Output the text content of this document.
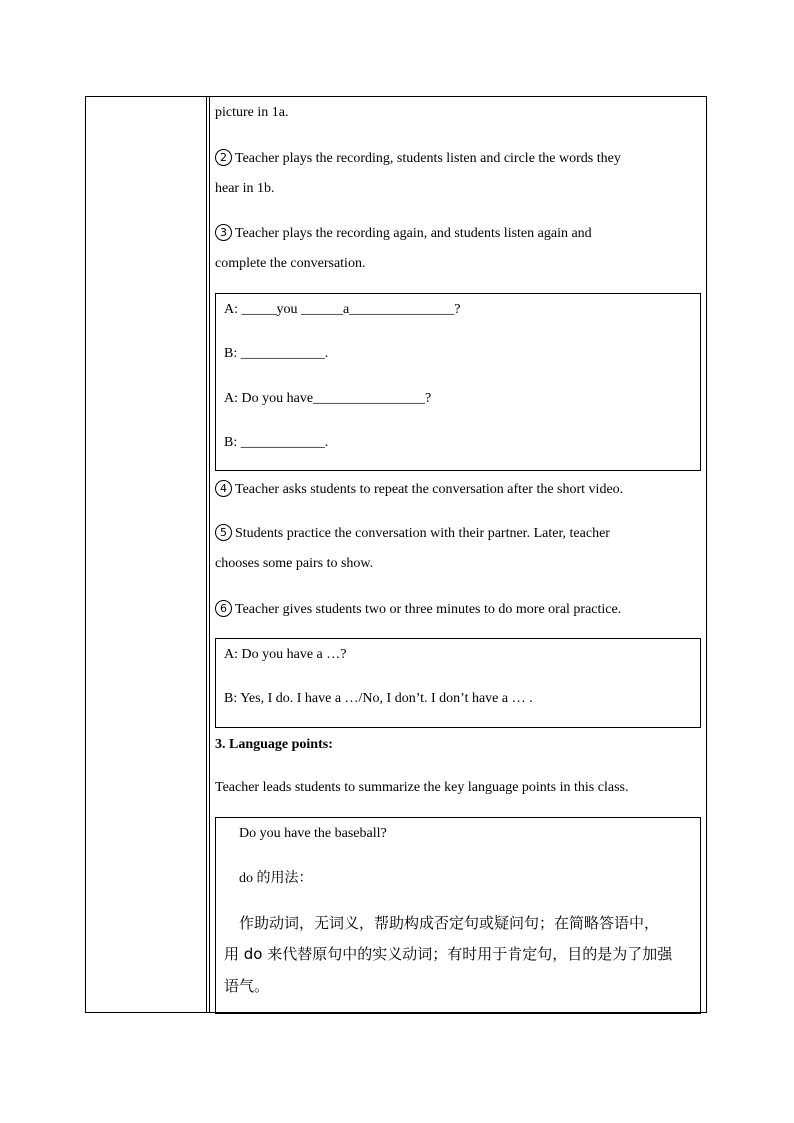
picture in 1a.
2 Teacher plays the recording, students listen and circle the words they
hear in 1b.
3 Teacher plays the recording again, and students listen again and
complete the conversation.
A: _____you ______a_______________?
B: ____________.
A: Do you have________________?
B: ____________.
4 Teacher asks students to repeat the conversation after the short video.
5 Students practice the conversation with their partner. Later, teacher
chooses some pairs to show.
6 Teacher gives students two or three minutes to do more oral practice.
A: Do you have a …?
B: Yes, I do. I have a …/No, I don’t. I don’t have a … .
3. Language points:
Teacher leads students to summarize the key language points in this class.
Do you have the baseball?
do 的用法：
作助动词，无词义，帮助构成否定句或疑问句；在简略答语中，
用 do 来代替原句中的实义动词；有时用于肯定句，目的是为了加强
语气。
